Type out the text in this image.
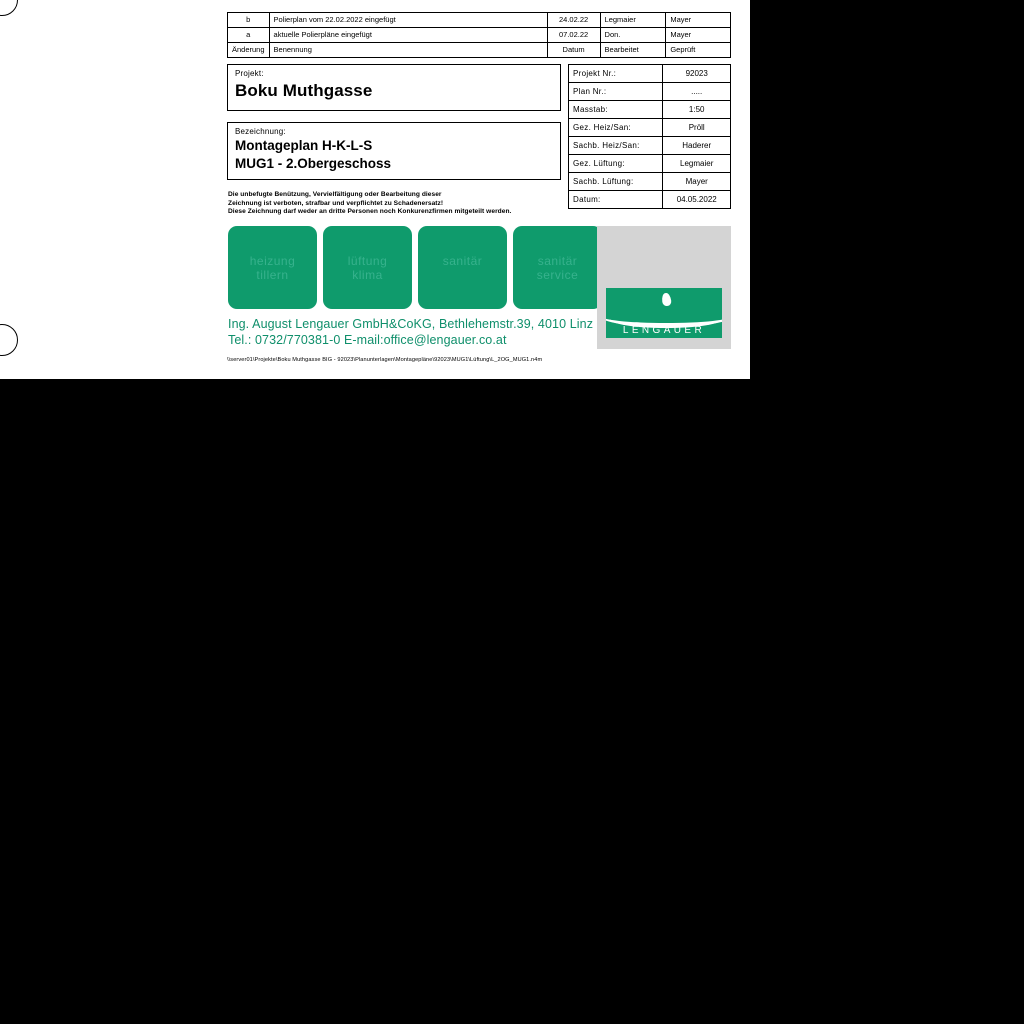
b	Polierplan vom 22.02.2022 eingefügt	24.02.22	Legmaier	Mayer
a	aktuelle Polierpläne eingefügt	07.02.22	Don.	Mayer
Änderung	Benennung	Datum	Bearbeitet	Geprüft
Projekt:
Boku Muthgasse
Bezeichnung:
Montageplan H-K-L-S
MUG1 - 2.Obergeschoss
Projekt Nr.:	92023
Plan Nr.:	.....
Masstab:	1:50
Gez. Heiz/San:	Pröll
Sachb. Heiz/San:	Haderer
Gez. Lüftung:	Legmaier
Sachb. Lüftung:	Mayer
Datum:	04.05.2022
Die unbefugte Benützung, Vervielfältigung oder Bearbeitung dieser
Zeichnung ist verboten, strafbar und verpflichtet zu Schadenersatz!
Diese Zeichnung darf weder an dritte Personen noch Konkurenzfirmen mitgeteilt werden.
heizung
tillern
lüftung
klima
sanitär	sanitär
service
LENGAUER
Ing. August Lengauer GmbH&CoKG, Bethlehemstr.39, 4010 Linz
Tel.: 0732/770381-0 E-mail:office@lengauer.co.at
\\server01\Projekte\Boku Muthgasse BIG - 92023\Planunterlagen\Montagepläne\92023\MUG1\Lüftung\L_2OG_MUG1.n4m
